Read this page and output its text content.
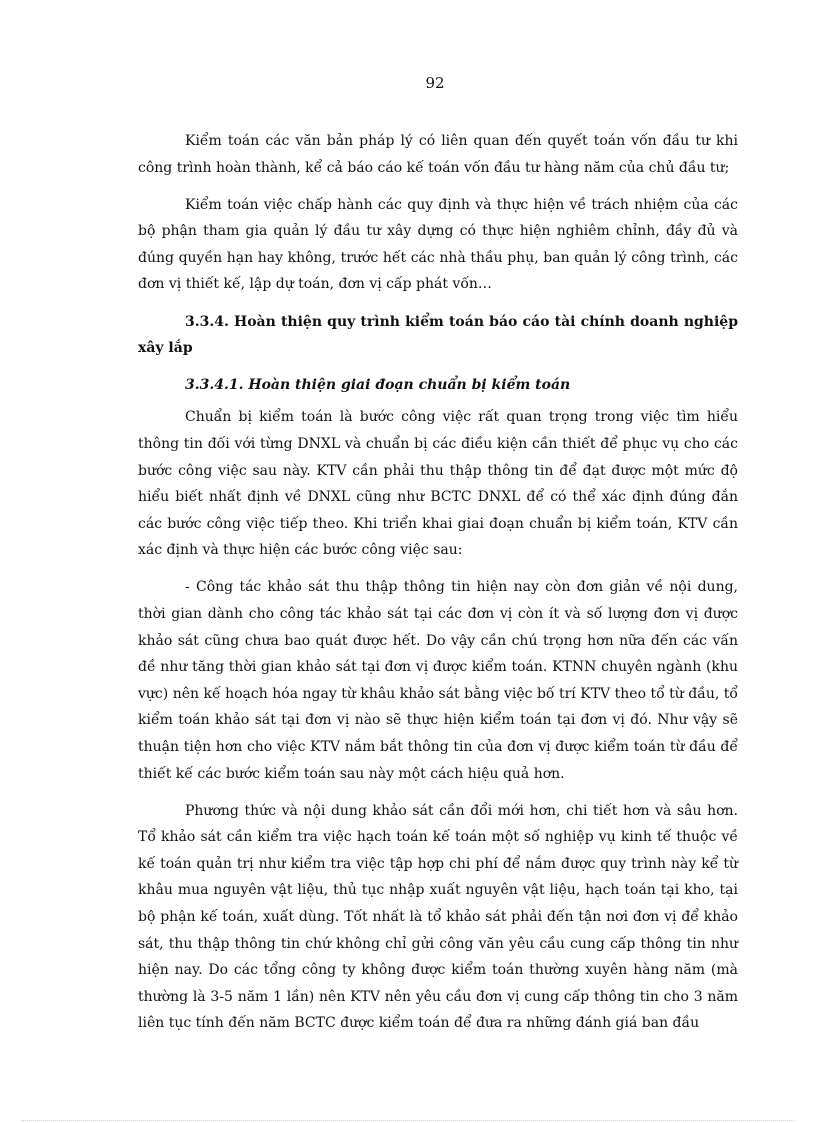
92

Kiểm toán các văn bản pháp lý có liên quan đến quyết toán vốn đầu tư khi công trình hoàn thành, kể cả báo cáo kế toán vốn đầu tư hàng năm của chủ đầu tư;

Kiểm toán việc chấp hành các quy định và thực hiện về trách nhiệm của các bộ phận tham gia quản lý đầu tư xây dựng có thực hiện nghiêm chỉnh, đầy đủ và đúng quyền hạn hay không, trước hết các nhà thầu phụ, ban quản lý công trình, các đơn vị thiết kế, lập dự toán, đơn vị cấp phát vốn…

3.3.4. Hoàn thiện quy trình kiểm toán báo cáo tài chính doanh nghiệp xây lắp

3.3.4.1. Hoàn thiện giai đoạn chuẩn bị kiểm toán

Chuẩn bị kiểm toán là bước công việc rất quan trọng trong việc tìm hiểu thông tin đối với từng DNXL và chuẩn bị các điều kiện cần thiết để phục vụ cho các bước công việc sau này. KTV cần phải thu thập thông tin để đạt được một mức độ hiểu biết nhất định về DNXL cũng như BCTC DNXL để có thể xác định đúng đắn các bước công việc tiếp theo. Khi triển khai giai đoạn chuẩn bị kiểm toán, KTV cần xác định và thực hiện các bước công việc sau:

- Công tác khảo sát thu thập thông tin hiện nay còn đơn giản về nội dung, thời gian dành cho công tác khảo sát tại các đơn vị còn ít và số lượng đơn vị được khảo sát cũng chưa bao quát được hết. Do vậy cần chú trọng hơn nữa đến các vấn đề như tăng thời gian khảo sát tại đơn vị được kiểm toán. KTNN chuyên ngành (khu vực) nên kế hoạch hóa ngay từ khâu khảo sát bằng việc bố trí KTV theo tổ từ đầu, tổ kiểm toán khảo sát tại đơn vị nào sẽ thực hiện kiểm toán tại đơn vị đó. Như vậy sẽ thuận tiện hơn cho việc KTV nắm bắt thông tin của đơn vị được kiểm toán từ đầu để thiết kế các bước kiểm toán sau này một cách hiệu quả hơn.

Phương thức và nội dung khảo sát cần đổi mới hơn, chi tiết hơn và sâu hơn. Tổ khảo sát cần kiểm tra việc hạch toán kế toán một số nghiệp vụ kinh tế thuộc về kế toán quản trị như kiểm tra việc tập hợp chi phí để nắm được quy trình này kể từ khâu mua nguyên vật liệu, thủ tục nhập xuất nguyên vật liệu, hạch toán tại kho, tại bộ phận kế toán, xuất dùng. Tốt nhất là tổ khảo sát phải đến tận nơi đơn vị để khảo sát, thu thập thông tin chứ không chỉ gửi công văn yêu cầu cung cấp thông tin như hiện nay. Do các tổng công ty không được kiểm toán thường xuyên hàng năm (mà thường là 3-5 năm 1 lần) nên KTV nên yêu cầu đơn vị cung cấp thông tin cho 3 năm liên tục tính đến năm BCTC được kiểm toán để đưa ra những đánh giá ban đầu
